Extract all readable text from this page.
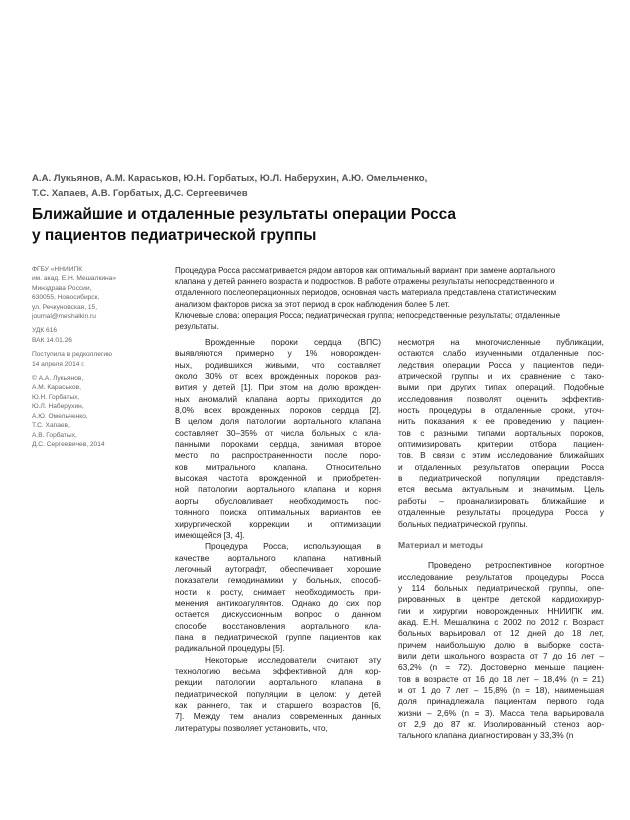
А.А. Лукьянов, А.М. Караськов, Ю.Н. Горбатых, Ю.Л. Наберухин, А.Ю. Омельченко,
Т.С. Хапаев, А.В. Горбатых, Д.С. Сергеевичев
Ближайшие и отдаленные результаты операции Росса
у пациентов педиатрической группы
ФГБУ «ННИИПК
им. акад. Е.Н. Мешалкина»
Минздрава России,
630055, Новосибирск,
ул. Речкуновская, 15,
journal@meshalkin.ru
УДК 616
ВАК 14.01.26
Поступила в редколлегию
14 апреля 2014 г.
© А.А. Лукьянов,
А.М. Караськов,
Ю.Н. Горбатых,
Ю.Л. Наберухин,
А.Ю. Омельченко,
Т.С. Хапаев,
А.В. Горбатых,
Д.С. Сергеевичев, 2014
Процедура Росса рассматривается рядом авторов как оптимальный вариант при замене аортального
клапана у детей раннего возраста и подростков. В работе отражены результаты непосредственного и
отдаленного послеоперационных периодов, основная часть материала представлена статистическим
анализом факторов риска за этот период в срок наблюдения более 5 лет.
Ключевые слова: операция Росса; педиатрическая группа; непосредственные результаты; отдаленные
результаты.
Врожденные пороки сердца (ВПС)
выявляются примерно у 1% новорожден-
ных, родившихся живыми, что составляет
около 30% от всех врожденных пороков раз-
вития у детей [1]. При этом на долю врожден-
ных аномалий клапана аорты приходится до
8,0% всех врожденных пороков сердца [2].
В целом доля патологии аортального клапана
составляет 30–35% от числа больных с кла-
панными пороками сердца, занимая второе
место по распространенности после поро-
ков митрального клапана. Относительно
высокая частота врожденной и приобретен-
ной патологии аортального клапана и корня
аорты обусловливает необходимость пос-
тоянного поиска оптимальных вариантов ее
хирургической коррекции и оптимизации
имеющейся [3, 4].
Процедура Росса, использующая в
качестве аортального клапана нативный
легочный аутографт, обеспечивает хорошие
показатели гемодинамики у больных, способ-
ности к росту, снимает необходимость при-
менения антикоагулянтов. Однако до сих пор
остается дискуссионным вопрос о данном
способе восстановления аортального кла-
пана в педиатрической группе пациентов как
радикальной процедуры [5].
Некоторые исследователи считают эту
технологию весьма эффективной для кор-
рекции патологии аортального клапана в
педиатрической популяции в целом: у детей
как раннего, так и старшего возрастов [6,
7]. Между тем анализ современных данных
литературы позволяет установить, что,
несмотря на многочисленные публикации,
остаются слабо изученными отдаленные пос-
ледствия операции Росса у пациентов педи-
атрической группы и их сравнение с тако-
выми при других типах операций. Подобные
исследования позволят оценить эффектив-
ность процедуры в отдаленные сроки, уточ-
нить показания к ее проведению у пациен-
тов с разными типами аортальных пороков,
оптимизировать критерии отбора пациен-
тов. В связи с этим исследование ближайших
и отдаленных результатов операции Росса
в педиатрической популяции представля-
ется весьма актуальным и значимым. Цель
работы – проанализировать ближайшие и
отдаленные результаты процедура Росса у
больных педиатрической группы.
Материал и методы
Проведено ретроспективное когортное
исследование результатов процедуры Росса
у 114 больных педиатрической группы, опе-
рированных в центре детской кардиохирур-
гии и хирургии новорожденных ННИИПК им.
акад. Е.Н. Мешалкина с 2002 по 2012 г. Возраст
больных варьировал от 12 дней до 18 лет,
причем наибольшую долю в выборке соста-
вили дети школьного возраста от 7 до 16 лет –
63,2% (n = 72). Достоверно меньше пациен-
тов в возрасте от 16 до 18 лет – 18,4% (n = 21)
и от 1 до 7 лет – 15,8% (n = 18), наименьшая
доля принадлежала пациентам первого года
жизни – 2,6% (n = 3). Масса тела варьировала
от 2,9 до 87 кг. Изолированный стеноз аор-
тального клапана диагностирован у 33,3% (n
